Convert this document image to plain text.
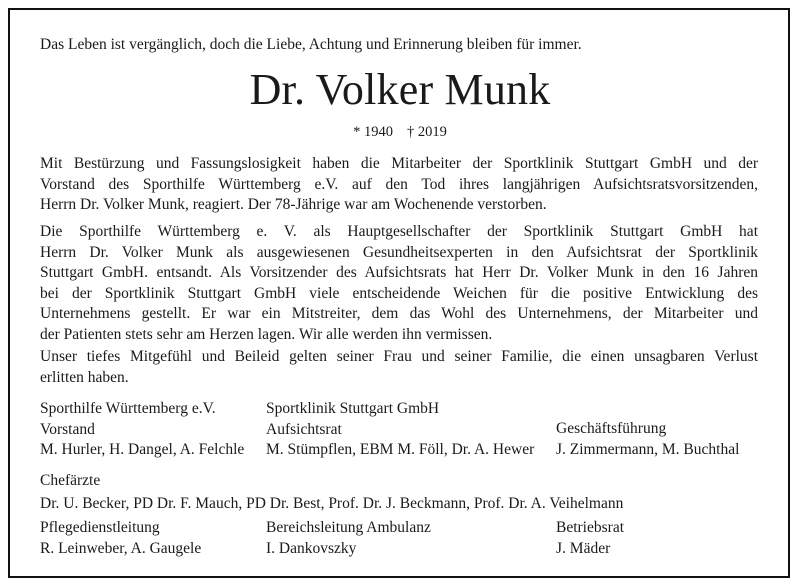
Das Leben ist vergänglich, doch die Liebe, Achtung und Erinnerung bleiben für immer.
Dr. Volker Munk
* 1940 † 2019
Mit Bestürzung und Fassungslosigkeit haben die Mitarbeiter der Sportklinik Stuttgart GmbH und der
Vorstand des Sporthilfe Württemberg e.V. auf den Tod ihres langjährigen Aufsichtsratsvorsitzenden,
Herrn Dr. Volker Munk, reagiert. Der 78-Jährige war am Wochenende verstorben.
Die Sporthilfe Württemberg e. V. als Hauptgesellschafter der Sportklinik Stuttgart GmbH hat
Herrn Dr. Volker Munk als ausgewiesenen Gesundheitsexperten in den Aufsichtsrat der Sportklinik
Stuttgart GmbH. entsandt. Als Vorsitzender des Aufsichtsrats hat Herr Dr. Volker Munk in den 16 Jahren
bei der Sportklinik Stuttgart GmbH viele entscheidende Weichen für die positive Entwicklung des
Unternehmens gestellt. Er war ein Mitstreiter, dem das Wohl des Unternehmens, der Mitarbeiter und
der Patienten stets sehr am Herzen lagen. Wir alle werden ihn vermissen.
Unser tiefes Mitgefühl und Beileid gelten seiner Frau und seiner Familie, die einen unsagbaren Verlust
erlitten haben.
Sporthilfe Württemberg e.V.
Vorstand
M. Hurler, H. Dangel, A. Felchle
Sportklinik Stuttgart GmbH
Aufsichtsrat
M. Stümpflen, EBM M. Föll, Dr. A. Hewer
Geschäftsführung
J. Zimmermann, M. Buchthal
Chefärzte
Dr. U. Becker, PD Dr. F. Mauch, PD Dr. Best, Prof. Dr. J. Beckmann, Prof. Dr. A. Veihelmann
Pflegedienstleitung
R. Leinweber, A. Gaugele
Bereichsleitung Ambulanz
I. Dankovszky
Betriebsrat
J. Mäder
